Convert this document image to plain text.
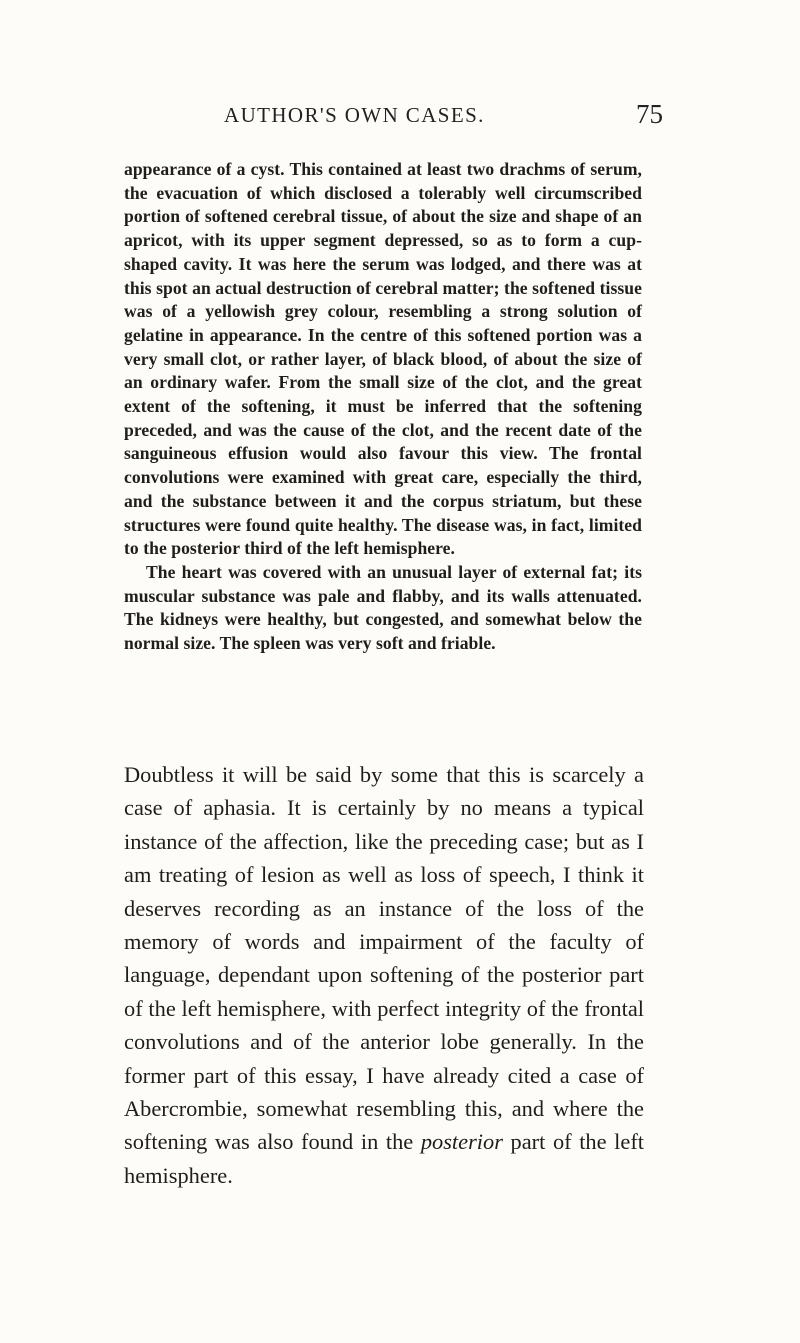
AUTHOR'S OWN CASES.	75

appearance of a cyst. This contained at least two drachms of serum, the evacuation of which disclosed a tolerably well circumscribed portion of softened cerebral tissue, of about the size and shape of an apricot, with its upper segment depressed, so as to form a cup-shaped cavity. It was here the serum was lodged, and there was at this spot an actual destruction of cerebral matter; the softened tissue was of a yellowish grey colour, resembling a strong solution of gelatine in appearance. In the centre of this softened portion was a very small clot, or rather layer, of black blood, of about the size of an ordinary wafer. From the small size of the clot, and the great extent of the softening, it must be inferred that the softening preceded, and was the cause of the clot, and the recent date of the sanguineous effusion would also favour this view. The frontal convolutions were examined with great care, especially the third, and the substance between it and the corpus striatum, but these structures were found quite healthy. The disease was, in fact, limited to the posterior third of the left hemisphere.

The heart was covered with an unusual layer of external fat; its muscular substance was pale and flabby, and its walls attenuated. The kidneys were healthy, but congested, and somewhat below the normal size. The spleen was very soft and friable.

Doubtless it will be said by some that this is scarcely a case of aphasia. It is certainly by no means a typical instance of the affection, like the preceding case; but as I am treating of lesion as well as loss of speech, I think it deserves recording as an instance of the loss of the memory of words and impairment of the faculty of language, dependant upon softening of the posterior part of the left hemisphere, with perfect integrity of the frontal convolutions and of the anterior lobe generally. In the former part of this essay, I have already cited a case of Abercrombie, somewhat resembling this, and where the softening was also found in the posterior part of the left hemisphere.
